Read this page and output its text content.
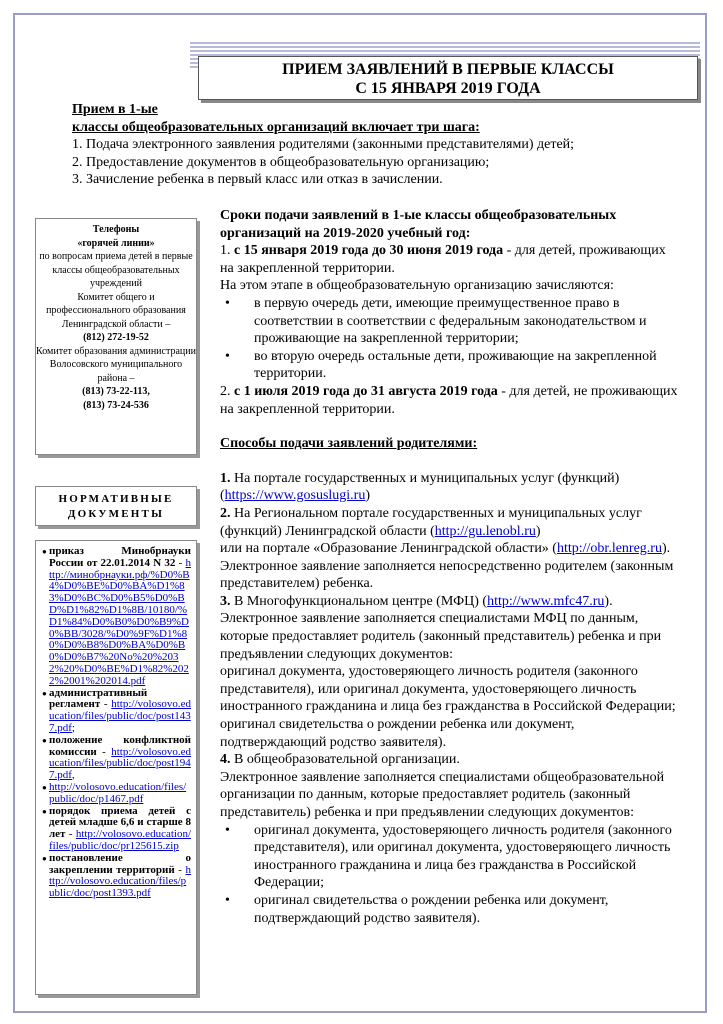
ПРИЕМ ЗАЯВЛЕНИЙ В ПЕРВЫЕ КЛАССЫ
С 15 ЯНВАРЯ 2019 ГОДА
Прием в 1-ые
классы общеобразовательных организаций включает три шага:
1. Подача электронного заявления родителями (законными представителями) детей;
2. Предоставление документов в общеобразовательную организацию;
3. Зачисление ребенка в первый класс или отказ в зачислении.
Телефоны
«горячей линии»
по вопросам приема детей в первые классы общеобразовательных учреждений
Комитет общего и профессионального образования Ленинградской области –
(812) 272-19-52
Комитет образования администрации Волосовского муниципального района –
(813) 73-22-113,
(813) 73-24-536
НОРМАТИВНЫЕ ДОКУМЕНТЫ
● приказ Минобрнауки России от 22.01.2014 N 32 - http://минобрнауки.рф/%D0%B4%D0%BE%D0%BA%D1%83%D0%BC%D0%B5%D0%BD%D1%82%D1%8B/10180/%D1%84%D0%B0%D0%B9%D0%BB/3028/%D0%9F%D1%80%D0%B8%D0%BA%D0%B0%D0%B7%20No%20%2032%20%D0%BE%D1%82%2022%2001%202014.pdf
● административный регламент - http://volosovo.education/files/public/doc/post1437.pdf;
● положение конфликтной комиссии - http://volosovo.education/files/public/doc/post1947.pdf,
● http://volosovo.education/files/public/doc/p1467.pdf
● порядок приема детей с детей младше 6,6 и старше 8 лет - http://volosovo.education/files/public/doc/pr125615.zip
● постановление о закреплении территорий - http://volosovo.education/files/public/doc/post1393.pdf

Сроки подачи заявлений в 1-ые классы общеобразовательных организаций на 2019-2020 учебный год:

1. с 15 января 2019 года до 30 июня 2019 года - для детей, проживающих на закрепленной территории.

На этом этапе в общеобразовательную организацию зачисляются:

• в первую очередь дети, имеющие преимущественное право в соответствии в соответствии с федеральным законодательством и проживающие на закрепленной территории;

• во вторую очередь остальные дети, проживающие на закрепленной территории.

2. с 1 июля 2019 года до 31 августа 2019 года - для детей, не проживающих на закрепленной территории.

Способы подачи заявлений родителями:

1. На портале государственных и муниципальных услуг (функций) (https://www.gosuslugi.ru)

2. На Региональном портале государственных и муниципальных услуг (функций) Ленинградской области (http://gu.lenobl.ru)

или на портале «Образование Ленинградской области» (http://obr.lenreg.ru).

Электронное заявление заполняется непосредственно родителем (законным представителем) ребенка.

3. В Многофункциональном центре (МФЦ) (http://www.mfc47.ru).

Электронное заявление заполняется специалистами МФЦ по данным, которые предоставляет родитель (законный представитель) ребенка и при предъявлении следующих документов:

оригинал документа, удостоверяющего личность родителя (законного представителя), или оригинал документа, удостоверяющего личность иностранного гражданина и лица без гражданства в Российской Федерации;

оригинал свидетельства о рождении ребенка или документ, подтверждающий родство заявителя).

4. В общеобразовательной организации.

Электронное заявление заполняется специалистами общеобразовательной организации по данным, которые предоставляет родитель (законный представитель) ребенка и при предъявлении следующих документов:

• оригинал документа, удостоверяющего личность родителя (законного представителя), или оригинал документа, удостоверяющего личность иностранного гражданина и лица без гражданства в Российской Федерации;

• оригинал свидетельства о рождении ребенка или документ, подтверждающий родство заявителя).
